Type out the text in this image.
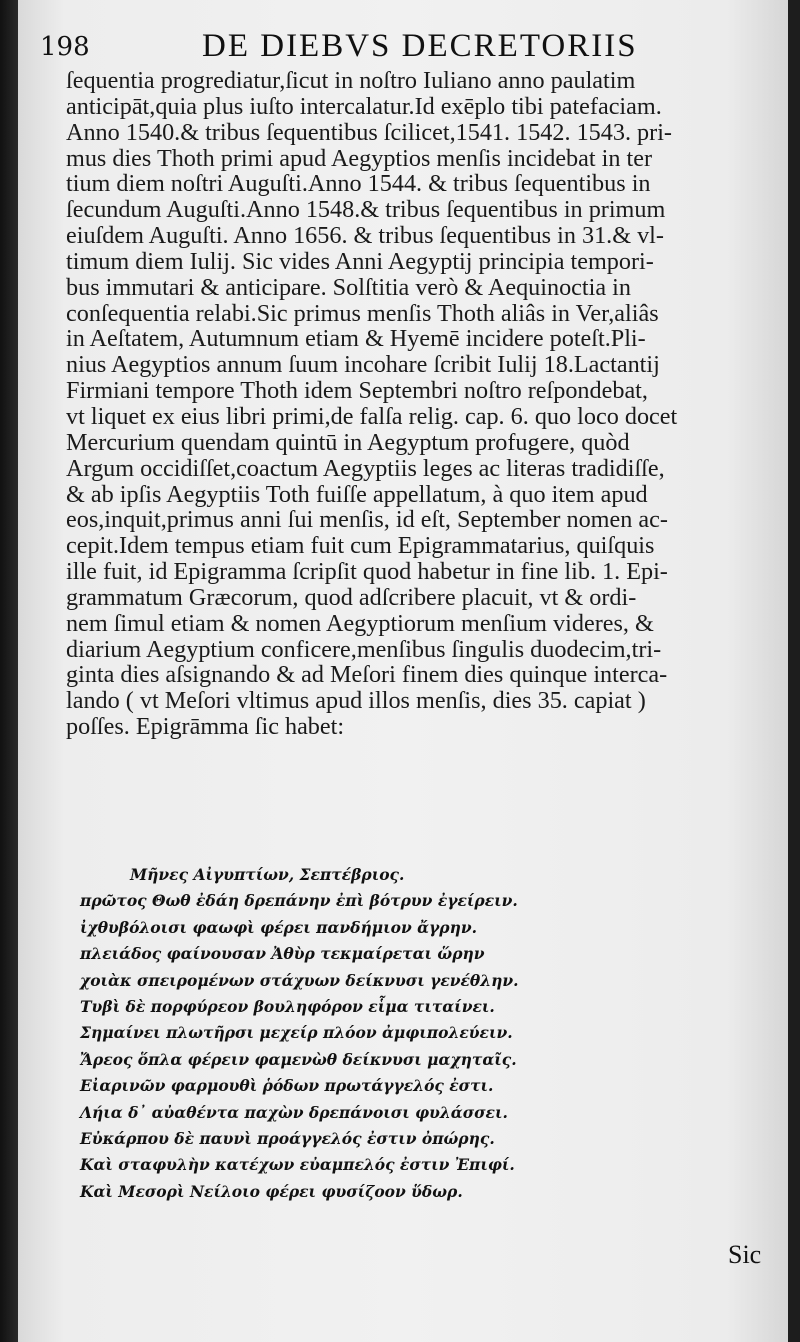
198	DE DIEBVS DECRETORIIS
ſequentia progrediatur,ſicut in noſtro Iuliano anno paulatim
anticipāt,quia plus iuſto intercalatur.Id exēplo tibi patefaciam.
Anno 1540.& tribus ſequentibus ſcilicet,1541. 1542. 1543. pri-
mus dies Thoth primi apud Aegyptios menſis incidebat in ter
tium diem noſtri Auguſti.Anno 1544. & tribus ſequentibus in
ſecundum Auguſti.Anno 1548.& tribus ſequentibus in primum
eiuſdem Auguſti. Anno 1656. & tribus ſequentibus in 31.& vl-
timum diem Iulij. Sic vides Anni Aegyptij principia tempori-
bus immutari & anticipare. Solſtitia verò & Aequinoctia in
conſequentia relabi.Sic primus menſis Thoth aliâs in Ver,aliâs
in Aeſtatem, Autumnum etiam & Hyemē incidere poteſt.Pli-
nius Aegyptios annum ſuum incohare ſcribit Iulij 18.Lactantij
Firmiani tempore Thoth idem Septembri noſtro reſpondebat,
vt liquet ex eius libri primi,de falſa relig. cap. 6. quo loco docet
Mercurium quendam quintū in Aegyptum profugere, quòd
Argum occidiſſet,coactum Aegyptiis leges ac literas tradidiſſe,
& ab ipſis Aegyptiis Toth fuiſſe appellatum, à quo item apud
eos,inquit,primus anni ſui menſis, id eſt, September nomen ac-
cepit.Idem tempus etiam fuit cum Epigrammatarius, quiſquis
ille fuit, id Epigramma ſcripſit quod habetur in fine lib. 1. Epi-
grammatum Græcorum, quod adſcribere placuit, vt & ordi-
nem ſimul etiam & nomen Aegyptiorum menſium videres, &
diarium Aegyptium conficere,menſibus ſingulis duodecim,tri-
ginta dies aſsignando & ad Meſori finem dies quinque interca-
lando ( vt Meſori vltimus apud illos menſis, dies 35. capiat )
poſſes. Epigrāmma ſic habet:
Μῆνες Αἰγυπτίων, Σεπτέβριος.
πρῶτος Θωθ ἐδάη δρεπάνην ἐπὶ βότρυν ἐγείρειν.
ἰχθυβόλοισι φαωφὶ φέρει πανδήμιον ἄγρην.
πλειάδος φαίνουσαν Ἀθὺρ τεκμαίρεται ὥρην
χοιὰκ σπειρομένων στάχυων δείκνυσι γενέθλην.
Τυβὶ δὲ πορφύρεον βουληφόρον εἷμα τιταίνει.
Σημαίνει πλωτῆρσι μεχείρ πλόον ἀμφιπολεύειν.
Ἄρεος ὅπλα φέρειν φαμενὼθ δείκνυσι μαχηταῖς.
Εἰαρινῶν φαρμουθὶ ῥόδων πρωτάγγελός ἐστι.
Λήια δ᾿ αὐαθέντα παχὼν δρεπάνοισι φυλάσσει.
Εὐκάρπου δὲ παυνὶ προάγγελός ἐστιν ὀπώρης.
Καὶ σταφυλὴν κατέχων εὐαμπελός ἐστιν Ἐπιφί.
Καὶ Μεσορὶ Νείλοιο φέρει φυσίζοον ὕδωρ.
Sic
